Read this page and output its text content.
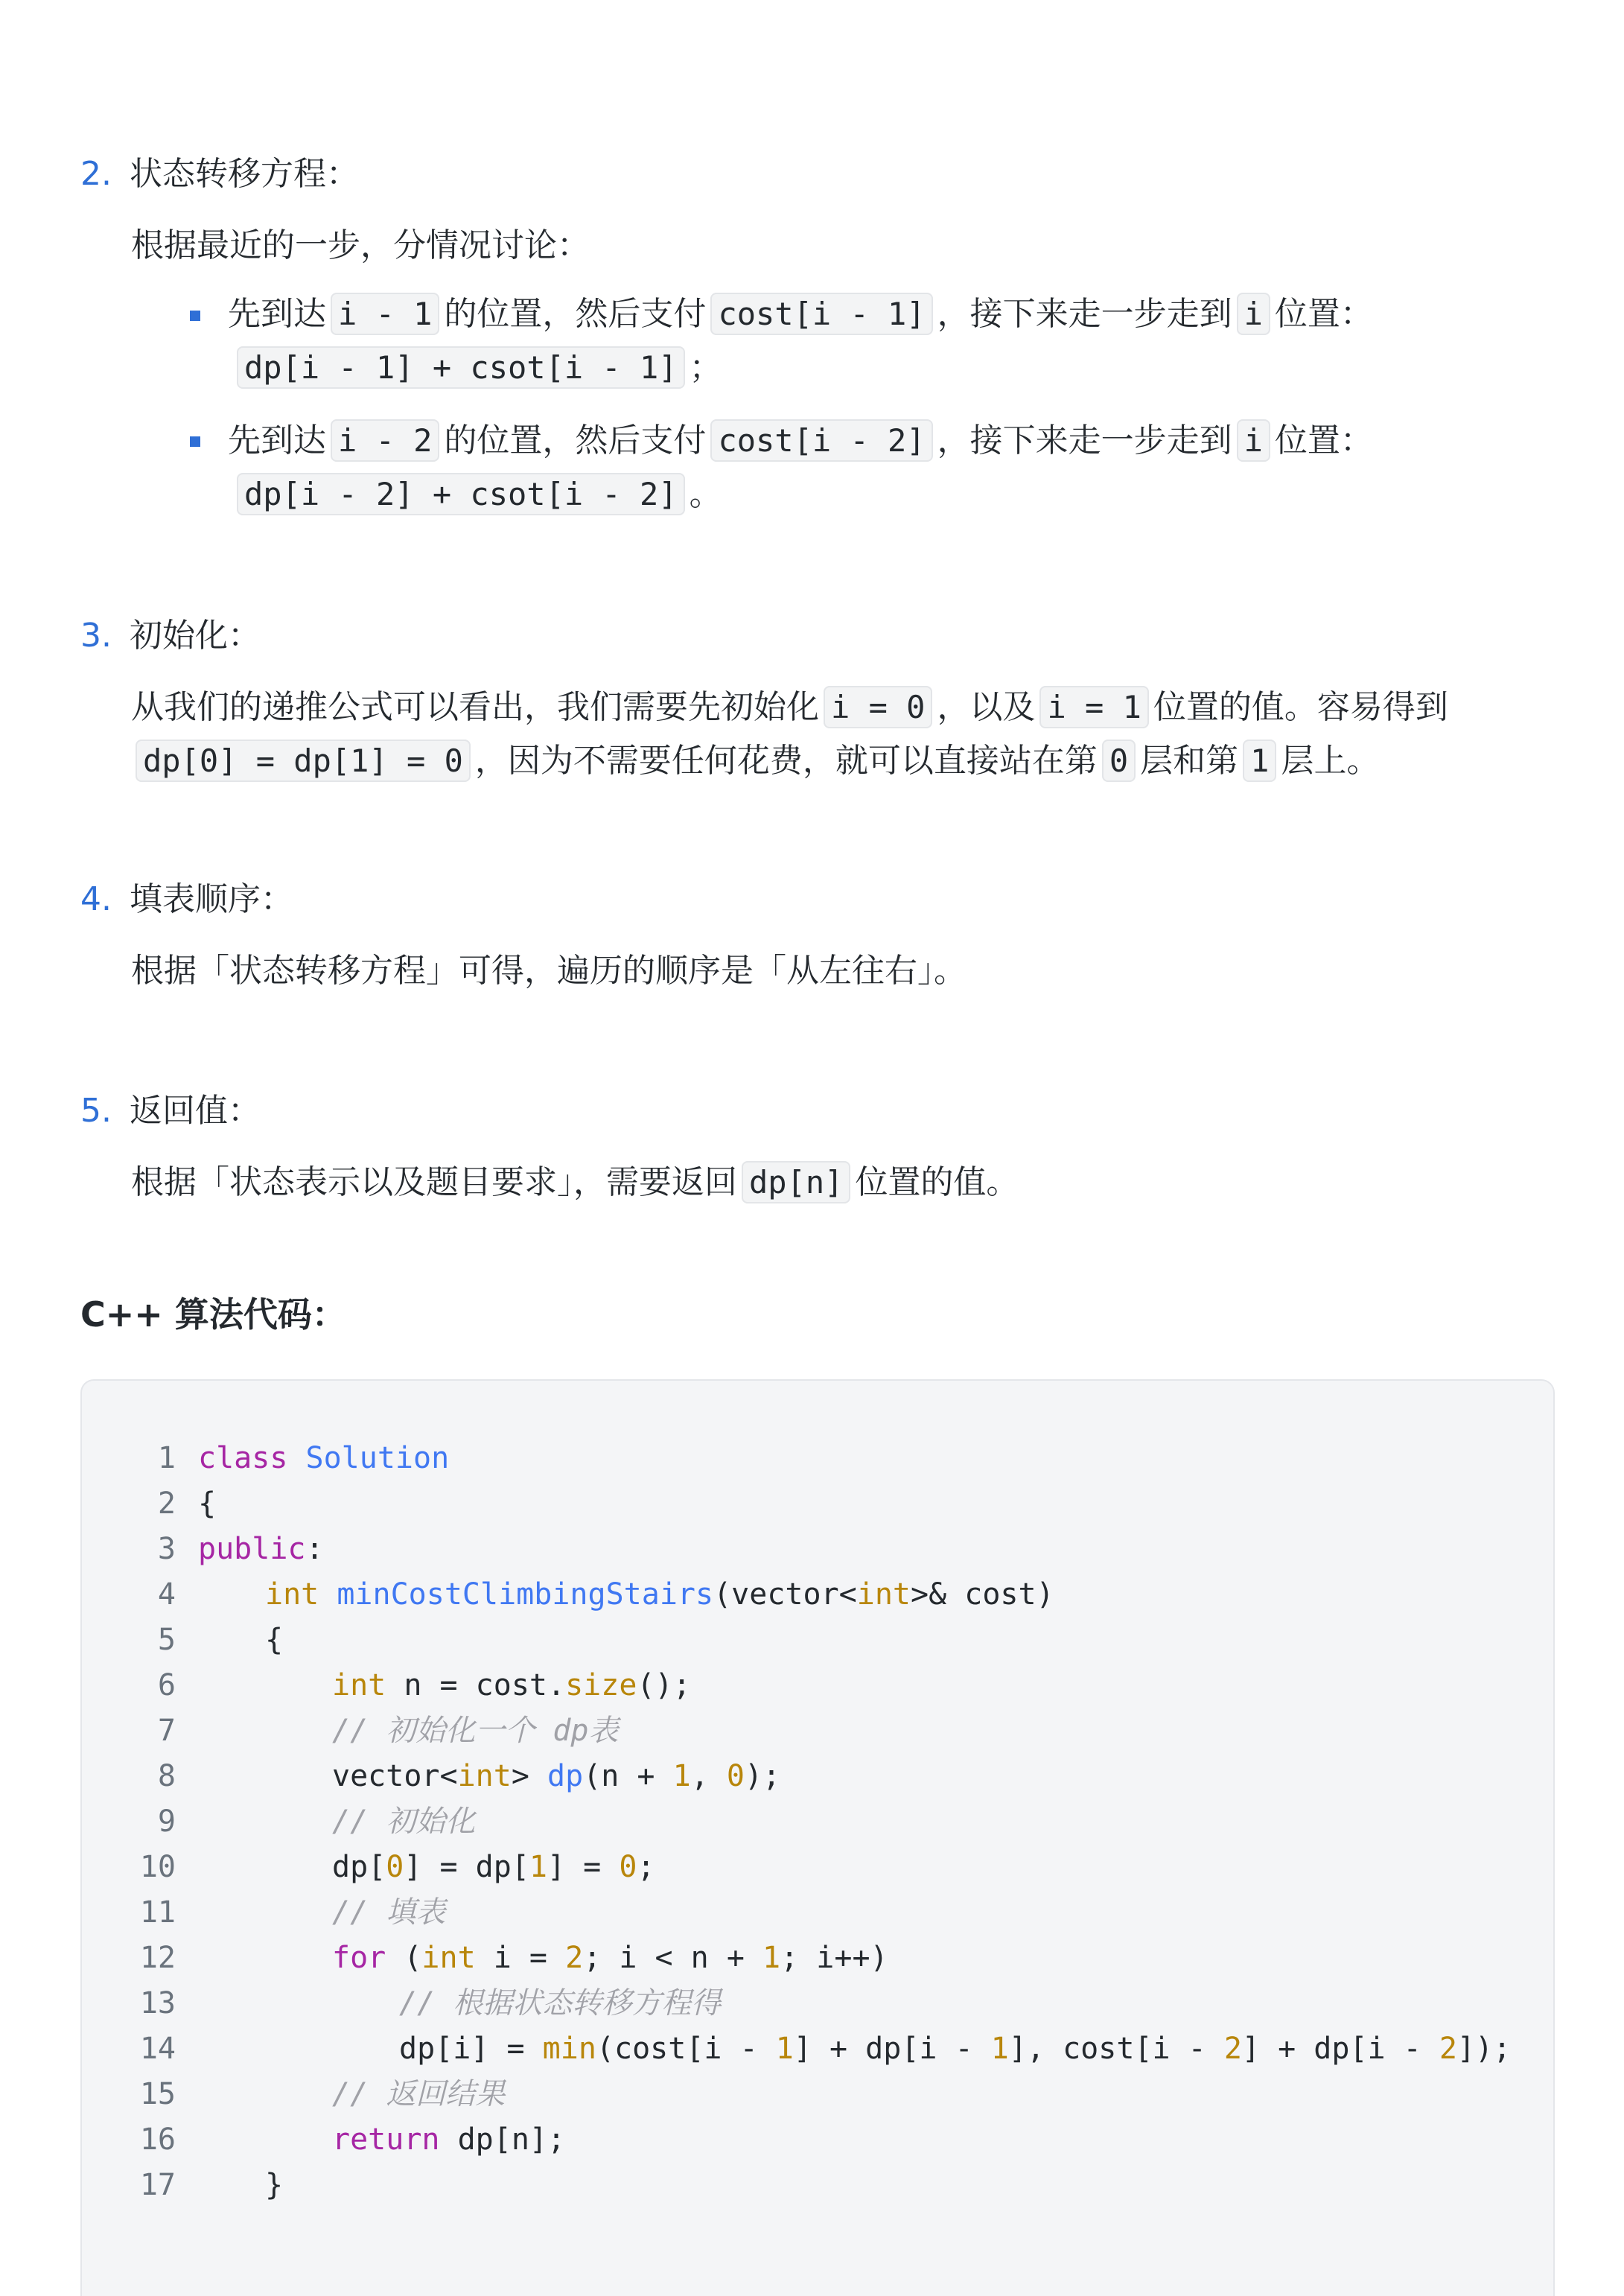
2. 状态转移方程：
根据最近的一步，分情况讨论：
先到达 i - 1 的位置，然后支付 cost[i - 1] ，接下来走一步走到 i 位置：
dp[i - 1] + csot[i - 1] ；
先到达 i - 2 的位置，然后支付 cost[i - 2] ，接下来走一步走到 i 位置：
dp[i - 2] + csot[i - 2] 。
3. 初始化：
从我们的递推公式可以看出，我们需要先初始化 i = 0 ，以及 i = 1 位置的值。容易得到
dp[0] = dp[1] = 0 ，因为不需要任何花费，就可以直接站在第 0 层和第 1 层上。
4. 填表顺序：
根据「状态转移方程」可得，遍历的顺序是「从左往右」。
5. 返回值：
根据「状态表示以及题目要求」，需要返回 dp[n] 位置的值。
C++ 算法代码：
1
2
3
4
5
6
7
8
9
10
11
12
13
14
15
16
17
class Solution
{
public:
int minCostClimbingStairs(vector<int>& cost)
{
int n = cost.size();
// 初始化一个 dp表
vector<int> dp(n + 1, 0);
// 初始化
dp[0] = dp[1] = 0;
// 填表
for (int i = 2; i < n + 1; i++)
// 根据状态转移方程得
dp[i] = min(cost[i - 1] + dp[i - 1], cost[i - 2] + dp[i - 2]);
// 返回结果
return dp[n];
}
